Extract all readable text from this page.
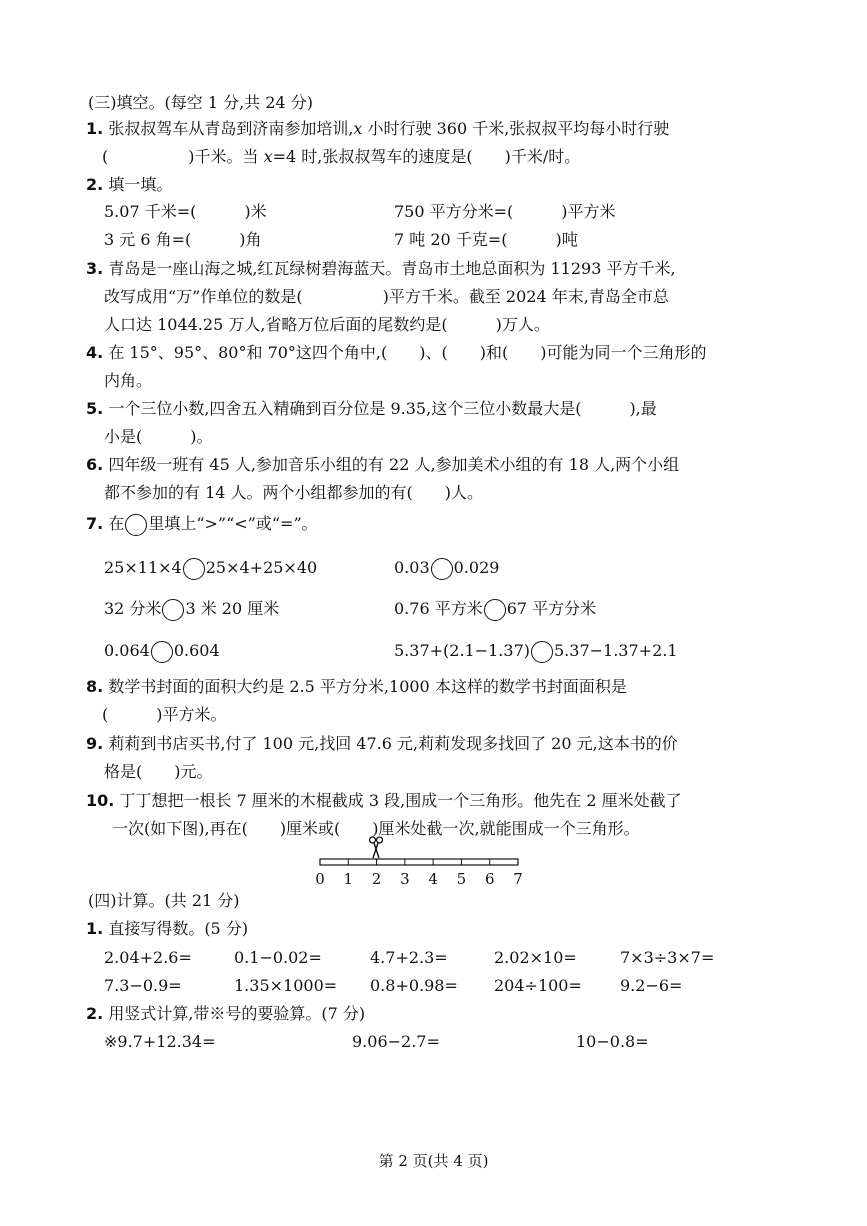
(三)填空。(每空 1 分,共 24 分)
1. 张叔叔驾车从青岛到济南参加培训,𝑥 小时行驶 360 千米,张叔叔平均每小时行驶
(　　　　　)千米。当 𝑥=4 时,张叔叔驾车的速度是(　　)千米/时。
2. 填一填。
5.07 千米=(　　　)米	750 平方分米=(　　　)平方米
3 元 6 角=(　　　)角	7 吨 20 千克=(　　　)吨
3. 青岛是一座山海之城,红瓦绿树碧海蓝天。青岛市土地总面积为 11293 平方千米,
改写成用“万”作单位的数是(　　　　　)平方千米。截至 2024 年末,青岛全市总
人口达 1044.25 万人,省略万位后面的尾数约是(　　　)万人。
4. 在 15°、95°、80°和 70°这四个角中,(　　)、(　　)和(　　)可能为同一个三角形的
内角。
5. 一个三位小数,四舍五入精确到百分位是 9.35,这个三位小数最大是(　　　),最
小是(　　　)。
6. 四年级一班有 45 人,参加音乐小组的有 22 人,参加美术小组的有 18 人,两个小组
都不参加的有 14 人。两个小组都参加的有(　　)人。
7. 在 里填上“>”“<”或“=”。
25×11×4 25×4+25×40	0.03 0.029
32 分米 3 米 20 厘米	0.76 平方米 67 平方分米
0.064 0.604	5.37+(2.1−1.37) 5.37−1.37+2.1
8. 数学书封面的面积大约是 2.5 平方分米,1000 本这样的数学书封面面积是
(　　　)平方米。
9. 莉莉到书店买书,付了 100 元,找回 47.6 元,莉莉发现多找回了 20 元,这本书的价
格是(　　)元。
10. 丁丁想把一根长 7 厘米的木棍截成 3 段,围成一个三角形。他先在 2 厘米处截了
一次(如下图),再在(　　)厘米或(　　)厘米处截一次,就能围成一个三角形。
0 1 2 3 4 5 6 7
(四)计算。(共 21 分)
1. 直接写得数。(5 分)
2.04+2.6=	0.1−0.02=	4.7+2.3=	2.02×10=	7×3÷3×7=
7.3−0.9=	1.35×1000= 0.8+0.98= 204÷100= 9.2−6=
2. 用竖式计算,带※号的要验算。(7 分)
※9.7+12.34=	9.06−2.7=	10−0.8=
第 2 页(共 4 页)
